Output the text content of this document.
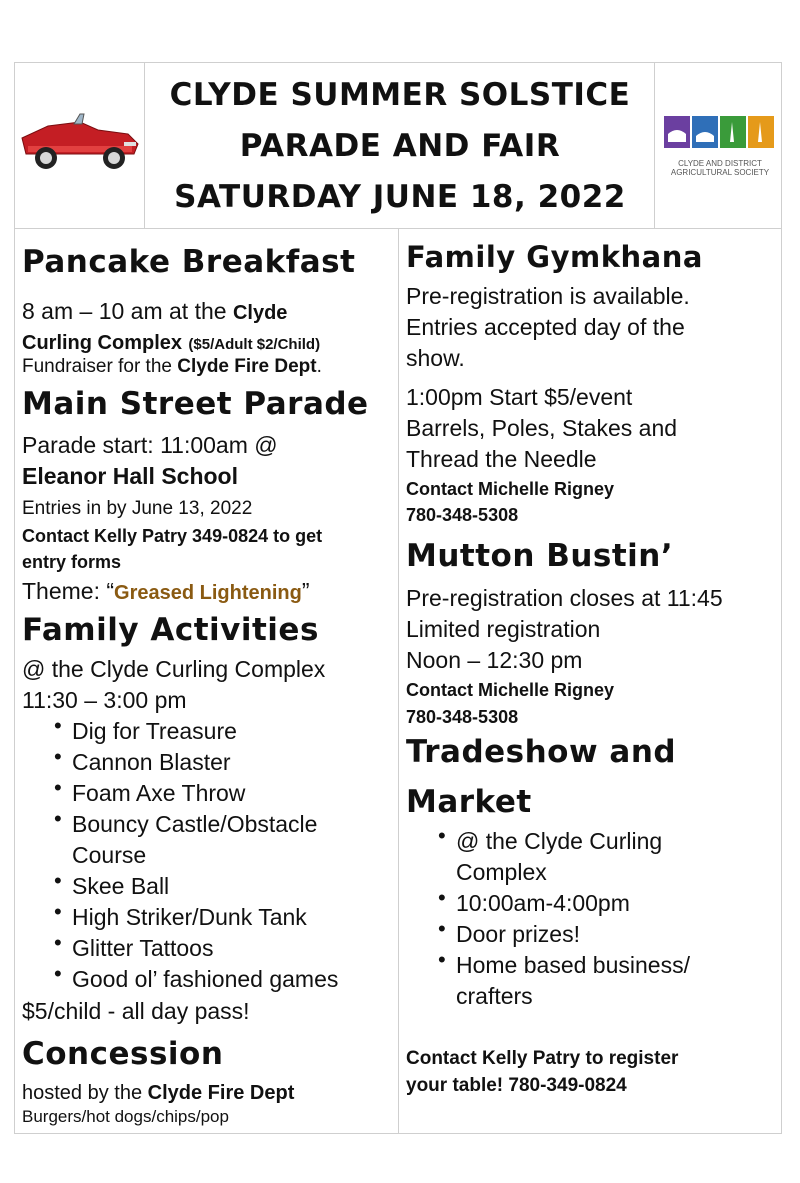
CLYDE SUMMER SOLSTICE
PARADE AND FAIR
SATURDAY JUNE 18, 2022
CLYDE AND DISTRICT
AGRICULTURAL SOCIETY
Pancake Breakfast
8 am – 10 am at the Clyde
Curling Complex ($5/Adult $2/Child)
Fundraiser for the Clyde Fire Dept.
Main Street Parade
Parade start: 11:00am @
Eleanor Hall School
Entries in by June 13, 2022
Contact Kelly Patry 349-0824 to get
entry forms
Theme: “Greased Lightening”
Family Activities
@ the Clyde Curling Complex
11:30 – 3:00 pm
• Dig for Treasure
• Cannon Blaster
• Foam Axe Throw
• Bouncy Castle/Obstacle
Course
• Skee Ball
• High Striker/Dunk Tank
• Glitter Tattoos
• Good ol’ fashioned games
$5/child - all day pass!
Concession
hosted by the Clyde Fire Dept
Burgers/hot dogs/chips/pop
Family Gymkhana
Pre-registration is available.
Entries accepted day of the
show.
1:00pm Start $5/event
Barrels, Poles, Stakes and
Thread the Needle
Contact Michelle Rigney
780-348-5308
Mutton Bustin’
Pre-registration closes at 11:45
Limited registration
Noon – 12:30 pm
Contact Michelle Rigney
780-348-5308
Tradeshow and
Market
• @ the Clyde Curling
Complex
• 10:00am-4:00pm
• Door prizes!
• Home based business/
crafters
Contact Kelly Patry to register
your table! 780-349-0824
